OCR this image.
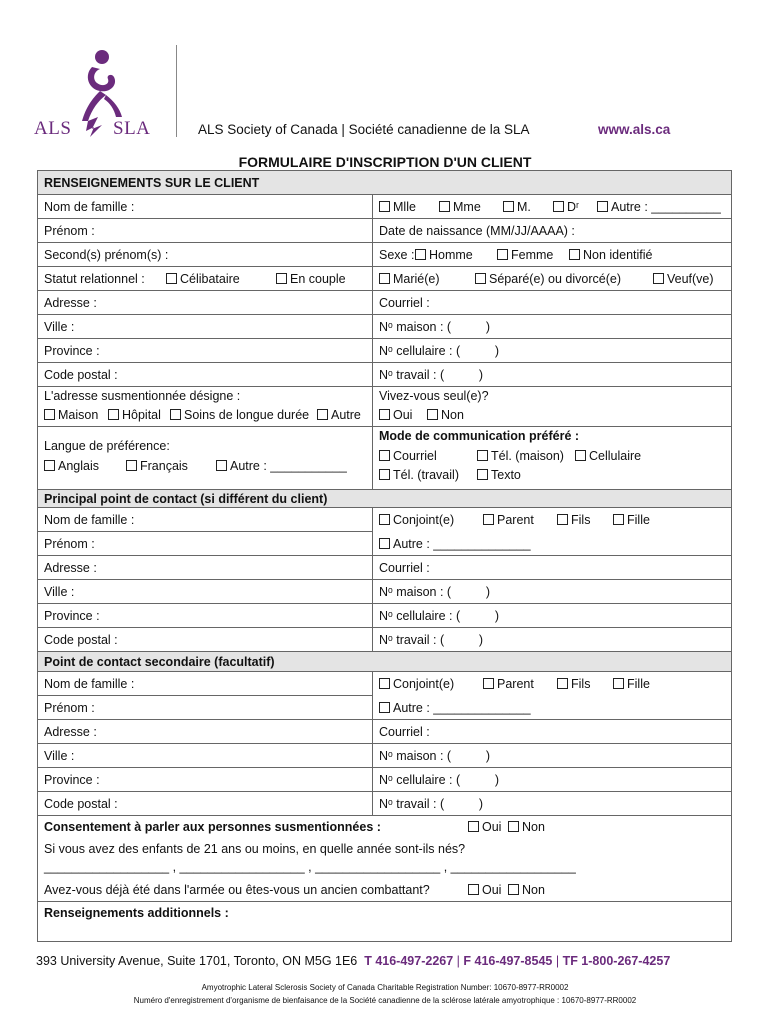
ALS SLA	ALS Society of Canada | Société canadienne de la SLA	www.als.ca
FORMULAIRE D'INSCRIPTION D'UN CLIENT
RENSEIGNEMENTS SUR LE CLIENT
Nom de famille :	Mlle	Mme	M.	Dʳ	Autre : __________
Prénom :	Date de naissance (MM/JJ/AAAA) :
Second(s) prénom(s) :	Sexe :	Homme	Femme	Non identifié
Statut relationnel :	Célibataire	En couple	Marié(e)	Séparé(e) ou divorcé(e)	Veuf(ve)
Adresse :	Courriel :
Ville :	Nᵒ maison : (          )
Province :	Nᵒ cellulaire : (          )
Code postal :	Nᵒ travail : (          )
L'adresse susmentionnée désigne :
Maison	Hôpital	Soins de longue durée	Autre
Vivez-vous seul(e)?
Oui	Non
Langue de préférence:
Anglais	Français	Autre : ___________
Mode de communication préféré :
Courriel	Tél. (maison)	Cellulaire
Tél. (travail)	Texto
Principal point de contact (si différent du client)
Nom de famille :	Conjoint(e)	Parent	Fils	Fille
Prénom :	Autre : ______________
Adresse :	Courriel :
Ville :	Nᵒ maison : (          )
Province :	Nᵒ cellulaire : (          )
Code postal :	Nᵒ travail : (          )
Point de contact secondaire (facultatif)
Nom de famille :	Conjoint(e)	Parent	Fils	Fille
Prénom :	Autre : ______________
Adresse :	Courriel :
Ville :	Nᵒ maison : (          )
Province :	Nᵒ cellulaire : (          )
Code postal :	Nᵒ travail : (          )
Consentement à parler aux personnes susmentionnées :	Oui	Non
Si vous avez des enfants de 21 ans ou moins, en quelle année sont-ils nés?
__________________ , __________________ , __________________ , __________________
Avez-vous déjà été dans l'armée ou êtes-vous un ancien combattant?	Oui	Non
Renseignements additionnels :
393 University Avenue, Suite 1701, Toronto, ON M5G 1E6 T 416-497-2267 | F 416-497-8545 | TF 1-800-267-4257
Amyotrophic Lateral Sclerosis Society of Canada Charitable Registration Number: 10670-8977-RR0002
Numéro d'enregistrement d'organisme de bienfaisance de la Société canadienne de la sclérose latérale amyotrophique : 10670-8977-RR0002
